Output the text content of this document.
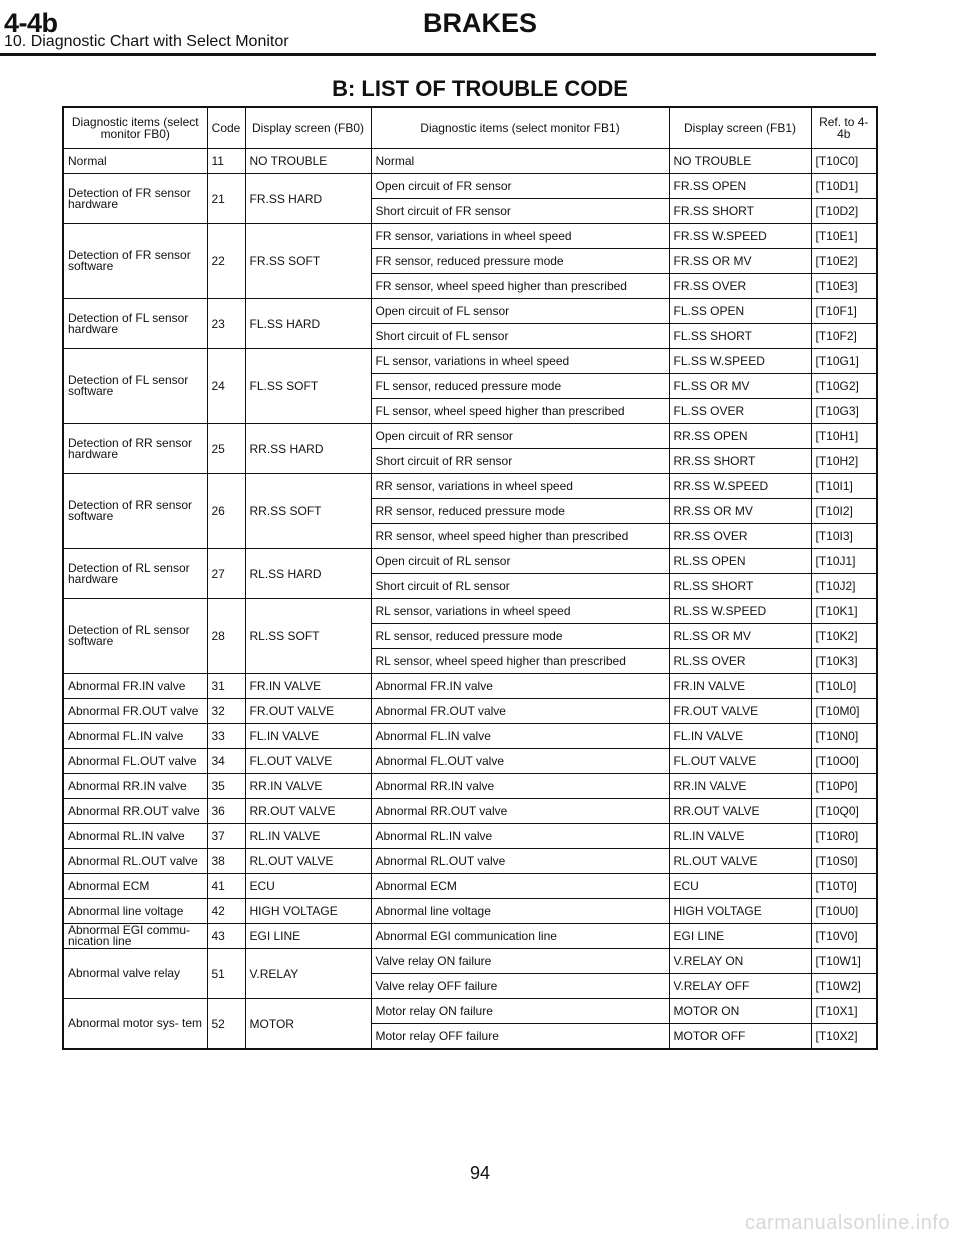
4-4b	BRAKES
10. Diagnostic Chart with Select Monitor
B: LIST OF TROUBLE CODE
Diagnostic items (select monitor FB0)	Code	Display screen (FB0)	Diagnostic items (select monitor FB1)	Display screen (FB1)	Ref. to 4-4b
Normal	11	NO TROUBLE	Normal	NO TROUBLE	[T10C0]
Detection of FR sensor hardware	21	FR.SS HARD	Open circuit of FR sensor	FR.SS OPEN	[T10D1]
			Short circuit of FR sensor	FR.SS SHORT	[T10D2]
Detection of FR sensor software	22	FR.SS SOFT	FR sensor, variations in wheel speed	FR.SS W.SPEED	[T10E1]
			FR sensor, reduced pressure mode	FR.SS OR MV	[T10E2]
			FR sensor, wheel speed higher than prescribed	FR.SS OVER	[T10E3]
Detection of FL sensor hardware	23	FL.SS HARD	Open circuit of FL sensor	FL.SS OPEN	[T10F1]
			Short circuit of FL sensor	FL.SS SHORT	[T10F2]
Detection of FL sensor software	24	FL.SS SOFT	FL sensor, variations in wheel speed	FL.SS W.SPEED	[T10G1]
			FL sensor, reduced pressure mode	FL.SS OR MV	[T10G2]
			FL sensor, wheel speed higher than prescribed	FL.SS OVER	[T10G3]
Detection of RR sensor hardware	25	RR.SS HARD	Open circuit of RR sensor	RR.SS OPEN	[T10H1]
			Short circuit of RR sensor	RR.SS SHORT	[T10H2]
Detection of RR sensor software	26	RR.SS SOFT	RR sensor, variations in wheel speed	RR.SS W.SPEED	[T10I1]
			RR sensor, reduced pressure mode	RR.SS OR MV	[T10I2]
			RR sensor, wheel speed higher than prescribed	RR.SS OVER	[T10I3]
Detection of RL sensor hardware	27	RL.SS HARD	Open circuit of RL sensor	RL.SS OPEN	[T10J1]
			Short circuit of RL sensor	RL.SS SHORT	[T10J2]
Detection of RL sensor software	28	RL.SS SOFT	RL sensor, variations in wheel speed	RL.SS W.SPEED	[T10K1]
			RL sensor, reduced pressure mode	RL.SS OR MV	[T10K2]
			RL sensor, wheel speed higher than prescribed	RL.SS OVER	[T10K3]
Abnormal FR.IN valve	31	FR.IN VALVE	Abnormal FR.IN valve	FR.IN VALVE	[T10L0]
Abnormal FR.OUT valve	32	FR.OUT VALVE	Abnormal FR.OUT valve	FR.OUT VALVE	[T10M0]
Abnormal FL.IN valve	33	FL.IN VALVE	Abnormal FL.IN valve	FL.IN VALVE	[T10N0]
Abnormal FL.OUT valve	34	FL.OUT VALVE	Abnormal FL.OUT valve	FL.OUT VALVE	[T10O0]
Abnormal RR.IN valve	35	RR.IN VALVE	Abnormal RR.IN valve	RR.IN VALVE	[T10P0]
Abnormal RR.OUT valve	36	RR.OUT VALVE	Abnormal RR.OUT valve	RR.OUT VALVE	[T10Q0]
Abnormal RL.IN valve	37	RL.IN VALVE	Abnormal RL.IN valve	RL.IN VALVE	[T10R0]
Abnormal RL.OUT valve	38	RL.OUT VALVE	Abnormal RL.OUT valve	RL.OUT VALVE	[T10S0]
Abnormal ECM	41	ECU	Abnormal ECM	ECU	[T10T0]
Abnormal line voltage	42	HIGH VOLTAGE	Abnormal line voltage	HIGH VOLTAGE	[T10U0]
Abnormal EGI commu- nication line	43	EGI LINE	Abnormal EGI communication line	EGI LINE	[T10V0]
Abnormal valve relay	51	V.RELAY	Valve relay ON failure	V.RELAY ON	[T10W1]
			Valve relay OFF failure	V.RELAY OFF	[T10W2]
Abnormal motor sys- tem	52	MOTOR	Motor relay ON failure	MOTOR ON	[T10X1]
			Motor relay OFF failure	MOTOR OFF	[T10X2]
94
carmanualsonline.info
